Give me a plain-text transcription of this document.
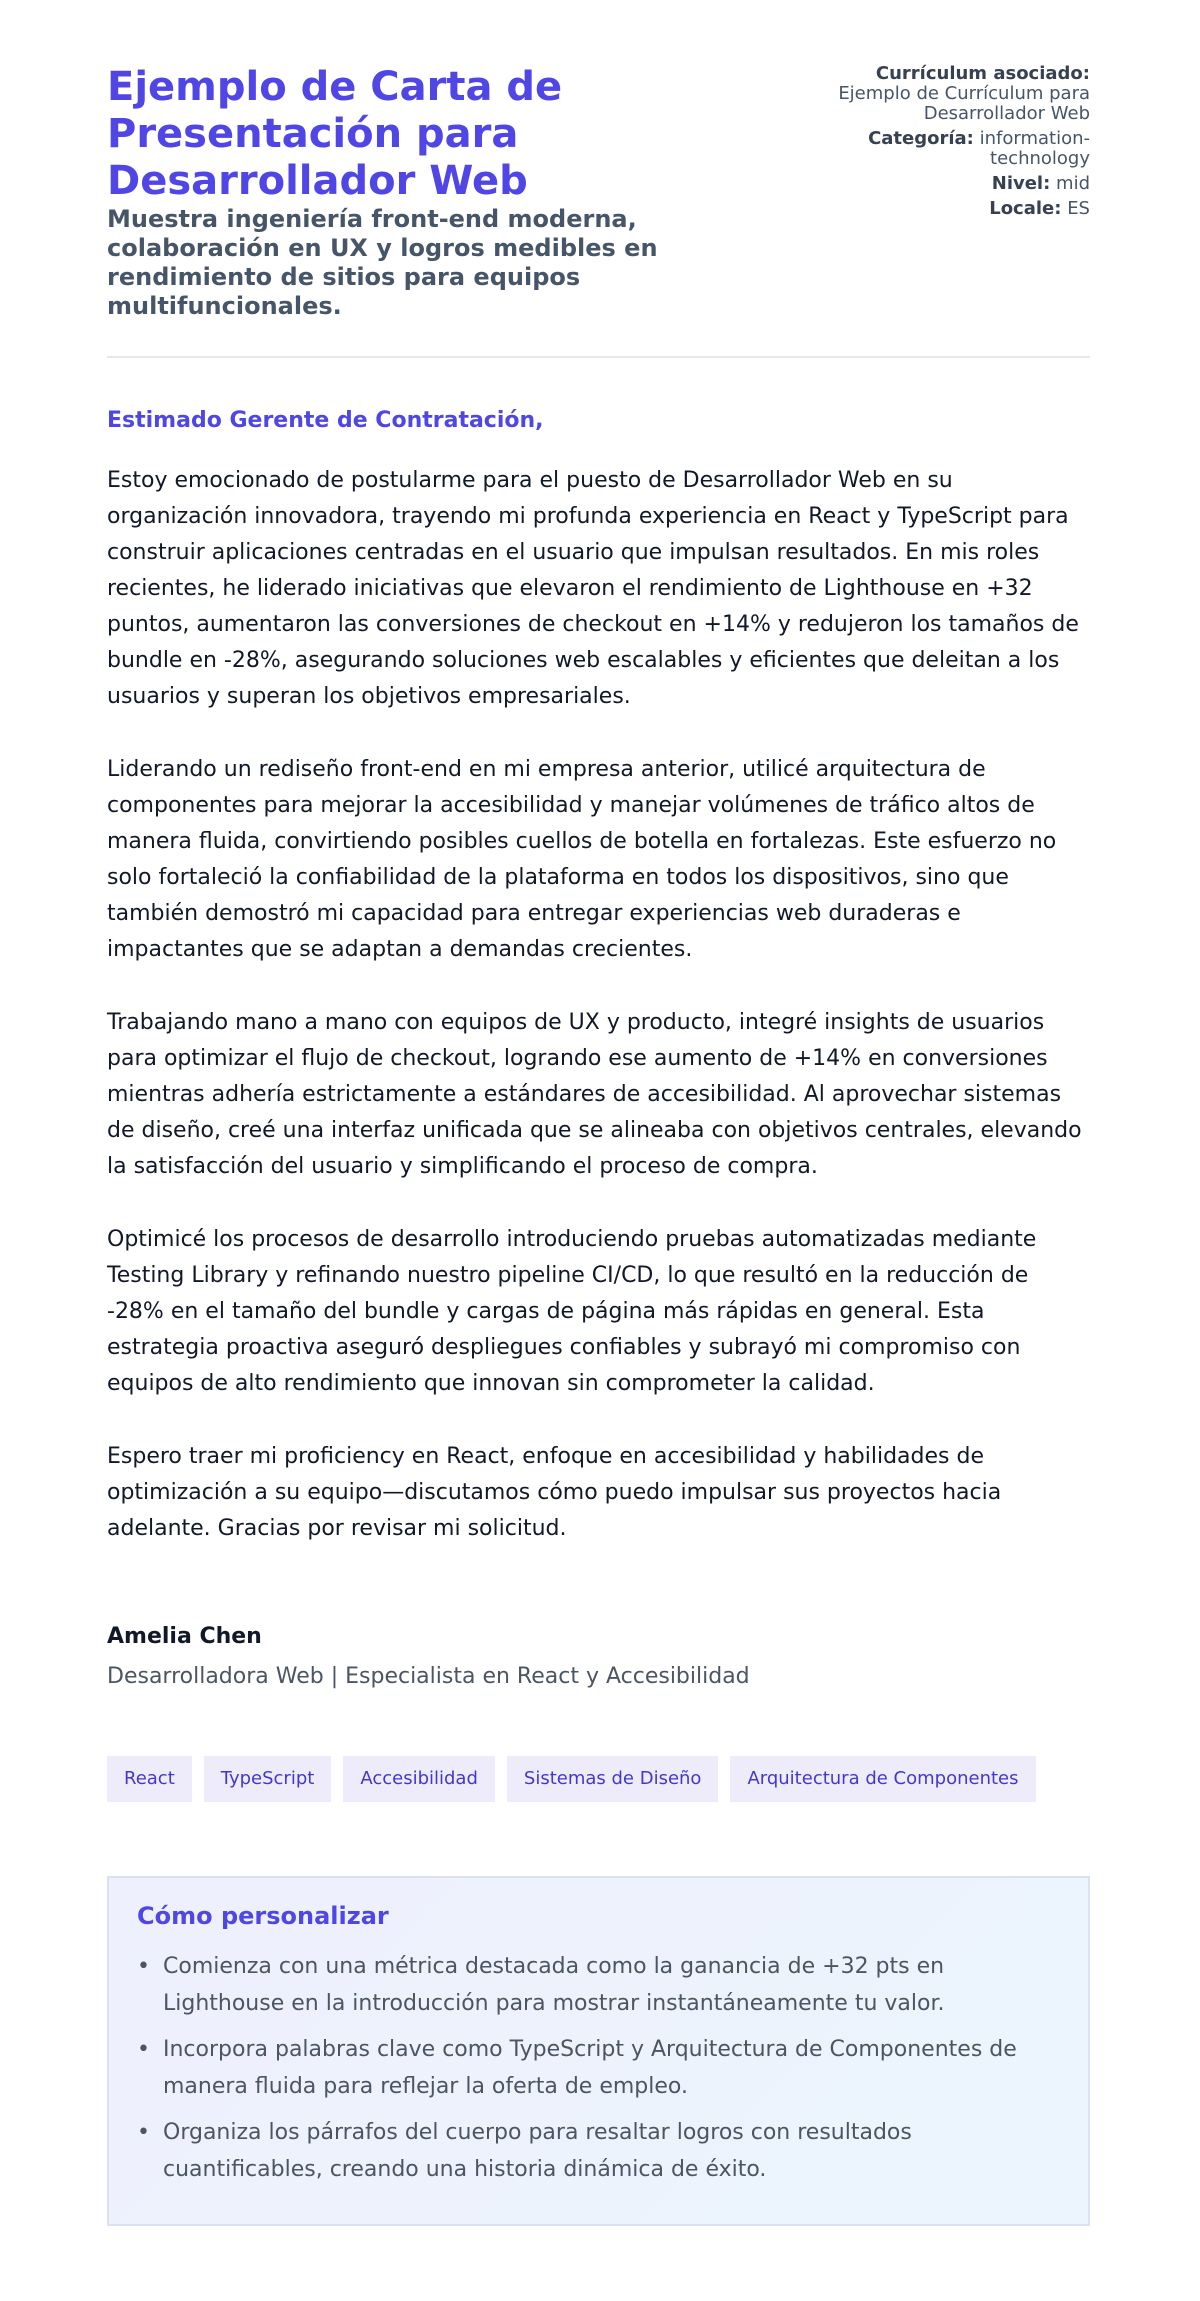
Ejemplo de Carta de Presentación para Desarrollador Web

Muestra ingeniería front-end moderna, colaboración en UX y logros medibles en rendimiento de sitios para equipos multifuncionales.

Currículum asociado: Ejemplo de Currículum para Desarrollador Web
Categoría: information-technology
Nivel: mid
Locale: ES
Estimado Gerente de Contratación,

Estoy emocionado de postularme para el puesto de Desarrollador Web en su organización innovadora, trayendo mi profunda experiencia en React y TypeScript para construir aplicaciones centradas en el usuario que impulsan resultados. En mis roles recientes, he liderado iniciativas que elevaron el rendimiento de Lighthouse en +32 puntos, aumentaron las conversiones de checkout en +14% y redujeron los tamaños de bundle en -28%, asegurando soluciones web escalables y eficientes que deleitan a los usuarios y superan los objetivos empresariales.

Liderando un rediseño front-end en mi empresa anterior, utilicé arquitectura de componentes para mejorar la accesibilidad y manejar volúmenes de tráfico altos de manera fluida, convirtiendo posibles cuellos de botella en fortalezas. Este esfuerzo no solo fortaleció la confiabilidad de la plataforma en todos los dispositivos, sino que también demostró mi capacidad para entregar experiencias web duraderas e impactantes que se adaptan a demandas crecientes.

Trabajando mano a mano con equipos de UX y producto, integré insights de usuarios para optimizar el flujo de checkout, logrando ese aumento de +14% en conversiones mientras adhería estrictamente a estándares de accesibilidad. Al aprovechar sistemas de diseño, creé una interfaz unificada que se alineaba con objetivos centrales, elevando la satisfacción del usuario y simplificando el proceso de compra.

Optimicé los procesos de desarrollo introduciendo pruebas automatizadas mediante Testing Library y refinando nuestro pipeline CI/CD, lo que resultó en la reducción de -28% en el tamaño del bundle y cargas de página más rápidas en general. Esta estrategia proactiva aseguró despliegues confiables y subrayó mi compromiso con equipos de alto rendimiento que innovan sin comprometer la calidad.

Espero traer mi proficiency en React, enfoque en accesibilidad y habilidades de optimización a su equipo—discutamos cómo puedo impulsar sus proyectos hacia adelante. Gracias por revisar mi solicitud.

Amelia Chen
Desarrolladora Web | Especialista en React y Accesibilidad
React	TypeScript	Accesibilidad	Sistemas de Diseño	Arquitectura de Componentes
Cómo personalizar
• Comienza con una métrica destacada como la ganancia de +32 pts en Lighthouse en la introducción para mostrar instantáneamente tu valor.
• Incorpora palabras clave como TypeScript y Arquitectura de Componentes de manera fluida para reflejar la oferta de empleo.
• Organiza los párrafos del cuerpo para resaltar logros con resultados cuantificables, creando una historia dinámica de éxito.
